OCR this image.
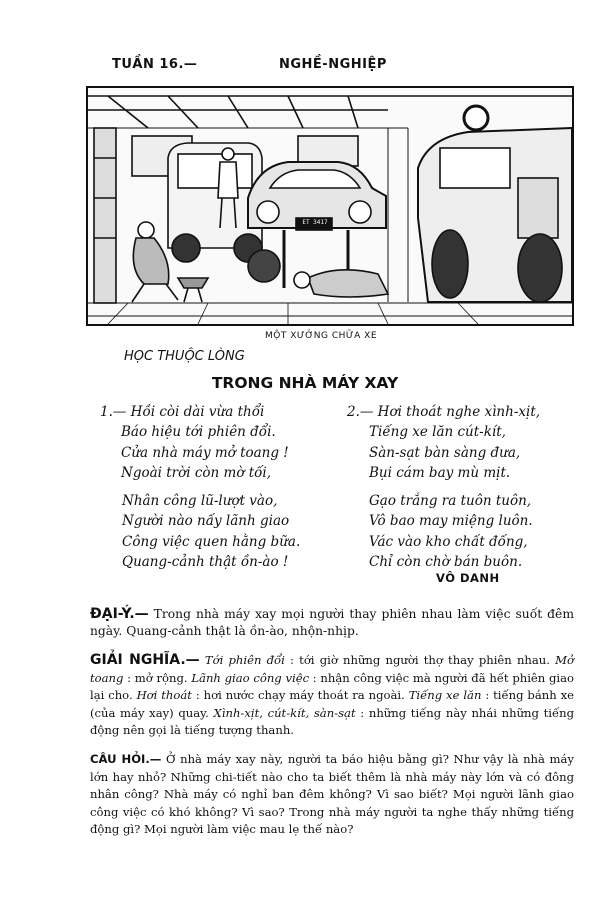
TUẦN 16.—	NGHỀ-NGHIỆP
ET 3417
MỘT XƯỞNG CHỮA XE
HỌC THUỘC LÒNG
TRONG NHÀ MÁY XAY
1.— Hồi còi dài vừa thổi
Báo hiệu tới phiên đổi.
Cửa nhà máy mở toang !
Ngoài trời còn mờ tối,
Nhân công lũ-lượt vào,
Người nào nấy lãnh giao
Công việc quen hằng bữa.
Quang-cảnh thật ồn-ào !
2.— Hơi thoát nghe xình-xịt,
Tiếng xe lăn cút-kít,
Sàn-sạt bàn sàng đưa,
Bụi cám bay mù mịt.
Gạo trắng ra tuôn tuôn,
Vô bao may miệng luôn.
Vác vào kho chất đống,
Chỉ còn chờ bán buôn.
VÔ DANH
ĐẠI-Ý.— Trong nhà máy xay mọi người thay phiên nhau làm việc suốt đêm ngày. Quang-cảnh thật là ồn-ào, nhộn-nhịp.
GIẢI NGHĨA.— Tới phiên đổi : tới giờ những người thợ thay phiên nhau. Mở toang : mở rộng. Lãnh giao công việc : nhận công việc mà người đã hết phiên giao lại cho. Hơi thoát : hơi nước chạy máy thoát ra ngoài. Tiếng xe lăn : tiếng bánh xe (của máy xay) quay. Xình-xịt, cút-kít, sàn-sạt : những tiếng này nhái những tiếng động nên gọi là tiếng tượng thanh.
CÂU HỎI.— Ở nhà máy xay này, người ta báo hiệu bằng gì? Như vậy là nhà máy lớn hay nhỏ? Những chi-tiết nào cho ta biết thêm là nhà máy này lớn và có đông nhân công? Nhà máy có nghỉ ban đêm không? Vì sao biết? Mọi người lãnh giao công việc có khó không? Vì sao? Trong nhà máy người ta nghe thấy những tiếng động gì? Mọi người làm việc mau lẹ thế nào?
